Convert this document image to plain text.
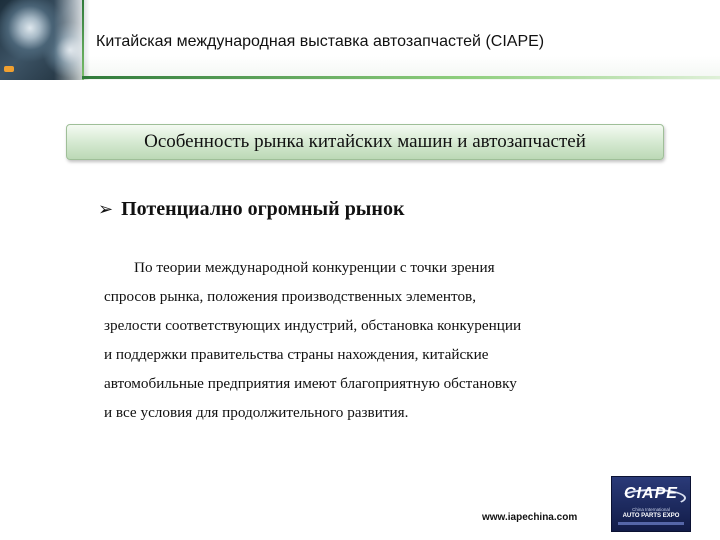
Китайская международная выставка автозапчастей (CIAPE)
Особенность рынка китайских машин и автозапчастей
➢ Потенциално огромный рынок
По теории международной конкуренции с точки зрения
спросов рынка, положения производственных элементов,
зрелости соответствующих индустрий, обстановка конкуренции
и поддержки правительства страны нахождения, китайские
автомобильные предприятия имеют благоприятную обстановку
и все условия для продолжительного развития.
www.iapechina.com
CIAPE
China International
AUTO PARTS EXPO
